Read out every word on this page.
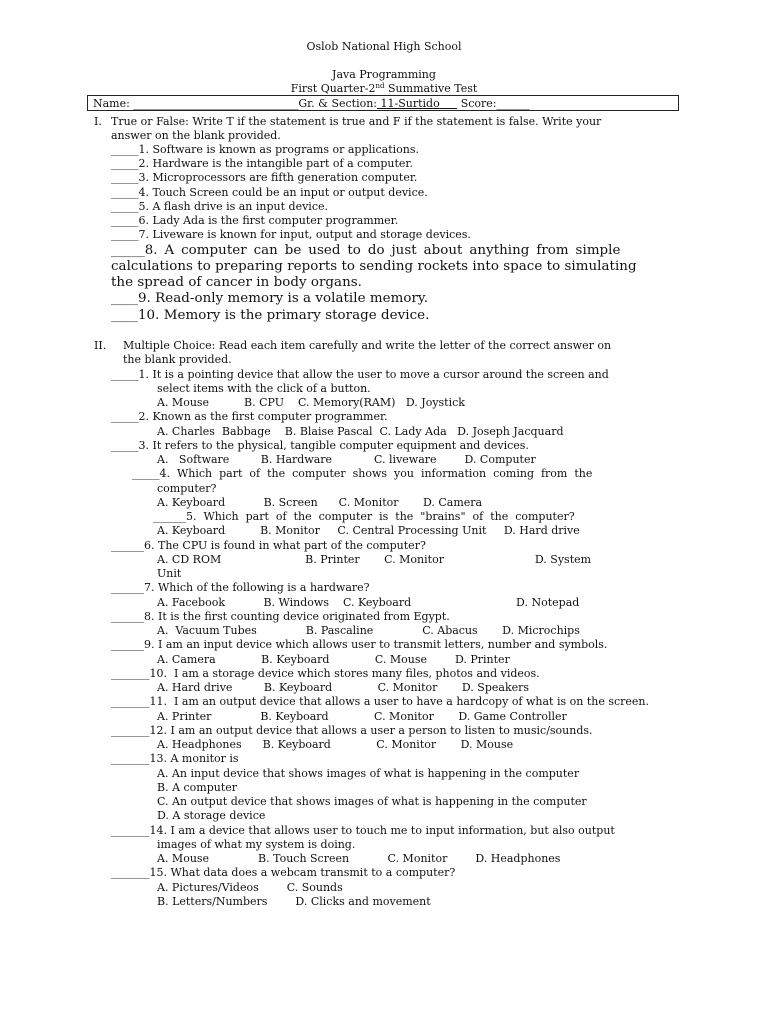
Oslob National High School
Java Programming
First Quarter-2nd Summative Test
Name: ______________________________Gr. & Section: 11-Surtido      Score:______
I. True or False: Write T if the statement is true and F if the statement is false. Write your
answer on the blank provided.
_____1. Software is known as programs or applications.
_____2. Hardware is the intangible part of a computer.
_____3. Microprocessors are fifth generation computer.
_____4. Touch Screen could be an input or output device.
_____5. A flash drive is an input device.
_____6. Lady Ada is the first computer programmer.
_____7. Liveware is known for input, output and storage devices.
_____8. A computer can be used to do just about anything from simple
calculations to preparing reports to sending rockets into space to simulating
the spread of cancer in body organs.
____9. Read-only memory is a volatile memory.
____10. Memory is the primary storage device.
II. Multiple Choice: Read each item carefully and write the letter of the correct answer on
the blank provided.
_____1. It is a pointing device that allow the user to move a cursor around the screen and
select items with the click of a button.
A. Mouse          B. CPU    C. Memory(RAM)   D. Joystick
_____2. Known as the first computer programmer.
A. Charles  Babbage    B. Blaise Pascal  C. Lady Ada   D. Joseph Jacquard
_____3. It refers to the physical, tangible computer equipment and devices.
A.   Software         B. Hardware            C. liveware        D. Computer
_____4.  Which  part  of  the  computer  shows  you  information  coming  from  the
computer?
A. Keyboard           B. Screen      C. Monitor       D. Camera
______5.  Which  part  of  the  computer  is  the  "brains"  of  the  computer?
A. Keyboard          B. Monitor     C. Central Processing Unit     D. Hard drive
______6. The CPU is found in what part of the computer?
A. CD ROM                        B. Printer       C. Monitor                          D. System
Unit
______7. Which of the following is a hardware?
A. Facebook           B. Windows    C. Keyboard                              D. Notepad
______8. It is the first counting device originated from Egypt.
A.  Vacuum Tubes              B. Pascaline              C. Abacus       D. Microchips
______9. I am an input device which allows user to transmit letters, number and symbols.
A. Camera             B. Keyboard             C. Mouse        D. Printer
_______10.  I am a storage device which stores many files, photos and videos.
A. Hard drive         B. Keyboard             C. Monitor       D. Speakers
_______11.  I am an output device that allows a user to have a hardcopy of what is on the screen.
A. Printer              B. Keyboard             C. Monitor       D. Game Controller
_______12. I am an output device that allows a user a person to listen to music/sounds.
A. Headphones      B. Keyboard             C. Monitor       D. Mouse
_______13. A monitor is
A. An input device that shows images of what is happening in the computer
B. A computer
C. An output device that shows images of what is happening in the computer
D. A storage device
_______14. I am a device that allows user to touch me to input information, but also output
images of what my system is doing.
A. Mouse              B. Touch Screen           C. Monitor        D. Headphones
_______15. What data does a webcam transmit to a computer?
A. Pictures/Videos        C. Sounds
B. Letters/Numbers        D. Clicks and movement
